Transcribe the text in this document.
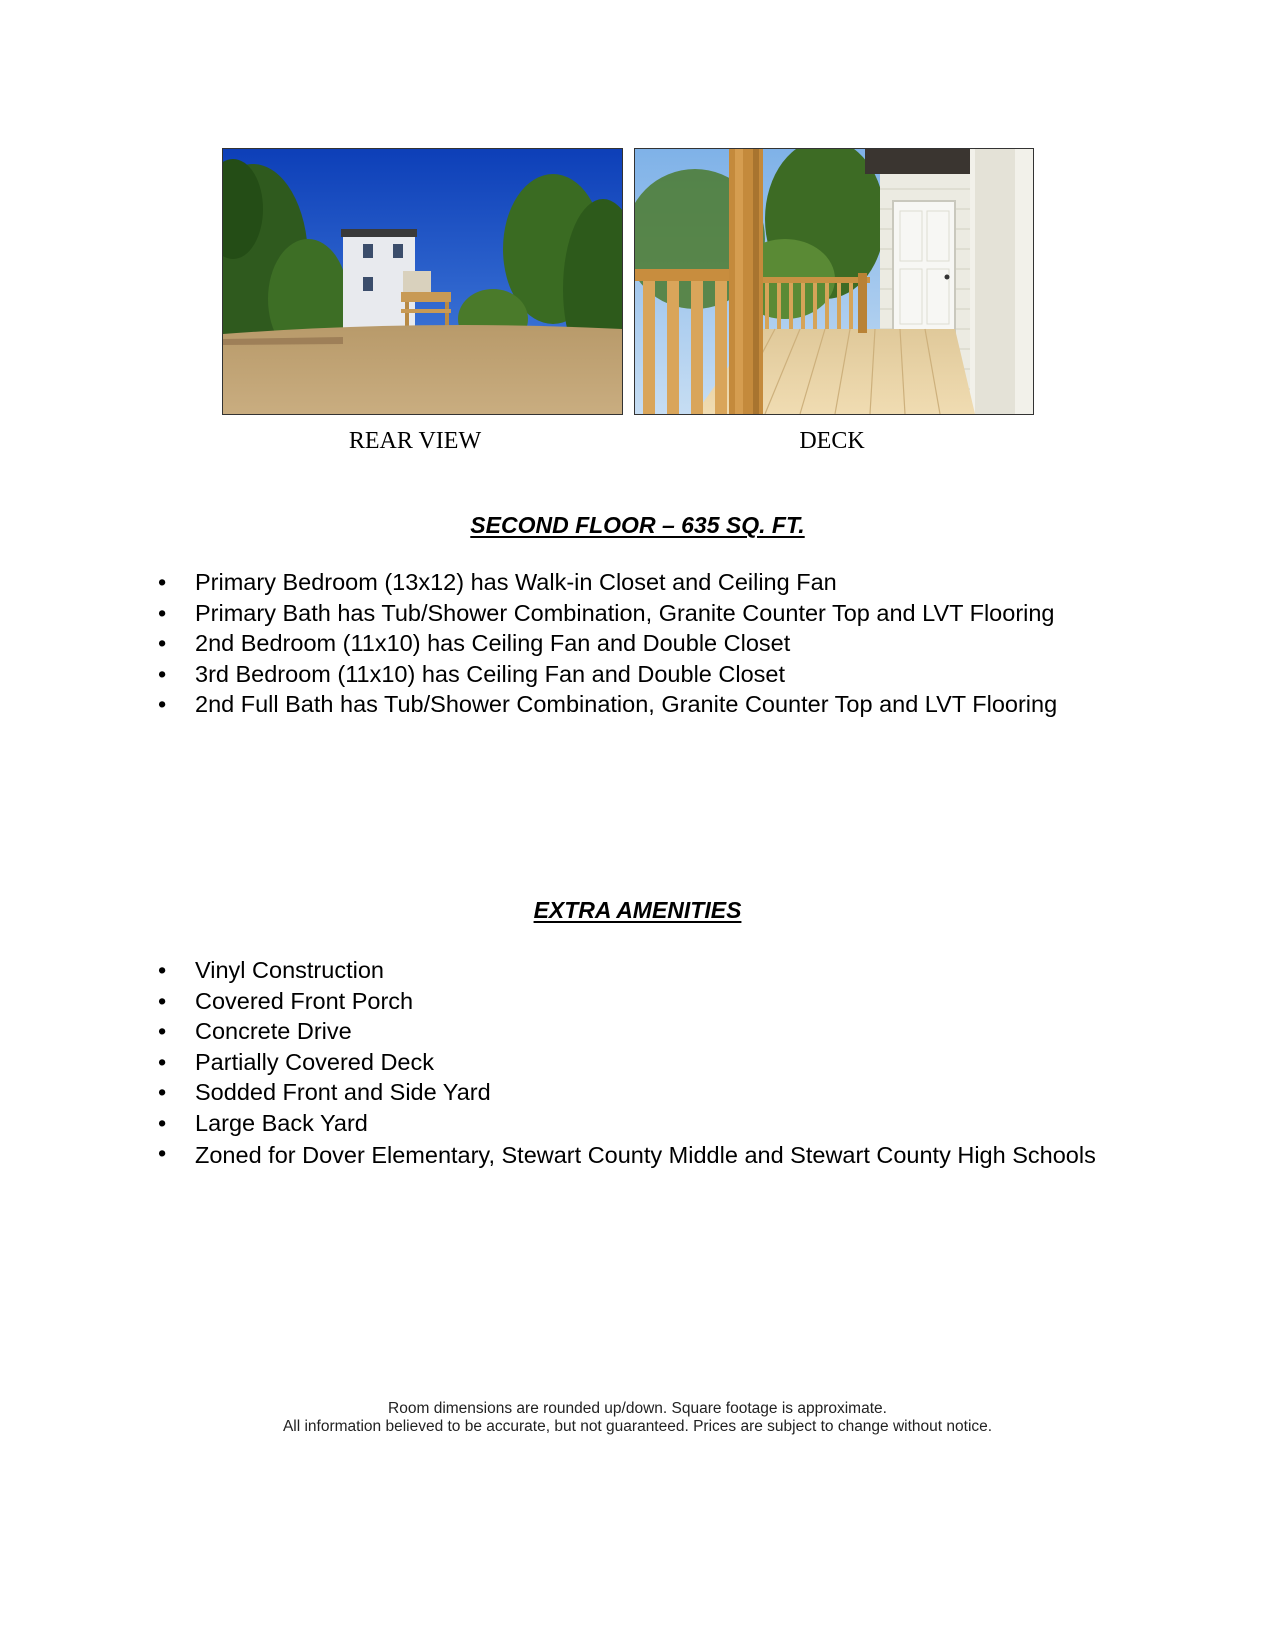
REAR VIEW	DECK
SECOND FLOOR – 635 SQ. FT.
• Primary Bedroom (13x12) has Walk-in Closet and Ceiling Fan
• Primary Bath has Tub/Shower Combination, Granite Counter Top and LVT Flooring
• 2nd Bedroom (11x10) has Ceiling Fan and Double Closet
• 3rd Bedroom (11x10) has Ceiling Fan and Double Closet
• 2nd Full Bath has Tub/Shower Combination, Granite Counter Top and LVT Flooring
EXTRA AMENITIES
• Vinyl Construction
• Covered Front Porch
• Concrete Drive
• Partially Covered Deck
• Sodded Front and Side Yard
• Large Back Yard
• Zoned for Dover Elementary, Stewart County Middle and Stewart County High Schools
Room dimensions are rounded up/down. Square footage is approximate.
All information believed to be accurate, but not guaranteed. Prices are subject to change without notice.
